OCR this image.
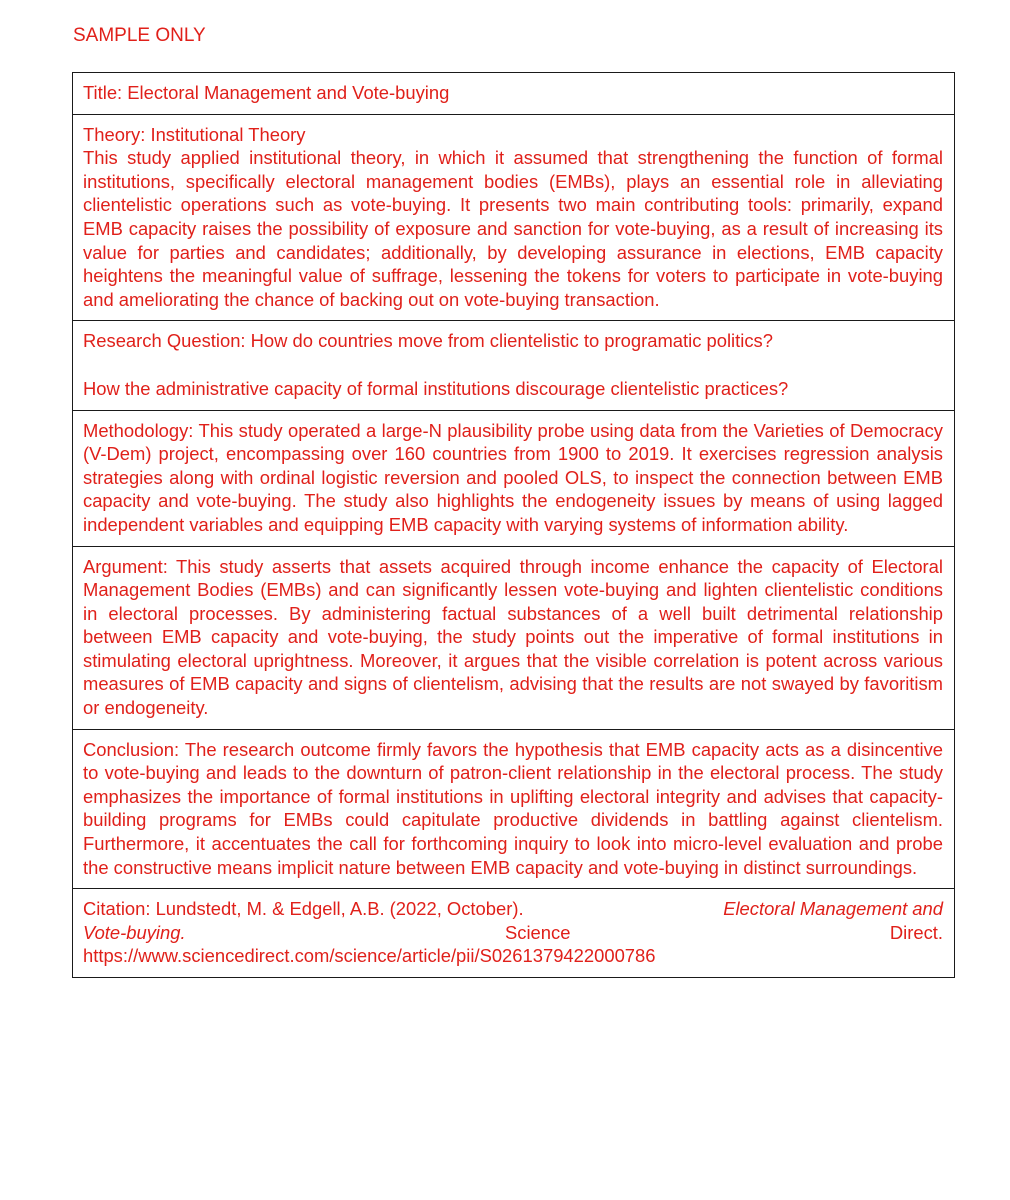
SAMPLE ONLY
Title: Electoral Management and Vote-buying
Theory: Institutional Theory
This study applied institutional theory, in which it assumed that strengthening the function of formal institutions, specifically electoral management bodies (EMBs), plays an essential role in alleviating clientelistic operations such as vote-buying. It presents two main contributing tools: primarily, expand EMB capacity raises the possibility of exposure and sanction for vote-buying, as a result of increasing its value for parties and candidates; additionally, by developing assurance in elections, EMB capacity heightens the meaningful value of suffrage, lessening the tokens for voters to participate in vote-buying and ameliorating the chance of backing out on vote-buying transaction.
Research Question: How do countries move from clientelistic to programatic politics?
How the administrative capacity of formal institutions discourage clientelistic practices?
Methodology: This study operated a large-N plausibility probe using data from the Varieties of Democracy (V-Dem) project, encompassing over 160 countries from 1900 to 2019. It exercises regression analysis strategies along with ordinal logistic reversion and pooled OLS, to inspect the connection between EMB capacity and vote-buying. The study also highlights the endogeneity issues by means of using lagged independent variables and equipping EMB capacity with varying systems of information ability.
Argument: This study asserts that assets acquired through income enhance the capacity of Electoral Management Bodies (EMBs) and can significantly lessen vote-buying and lighten clientelistic conditions in electoral processes. By administering factual substances of a well built detrimental relationship between EMB capacity and vote-buying, the study points out the imperative of formal institutions in stimulating electoral uprightness. Moreover, it argues that the visible correlation is potent across various measures of EMB capacity and signs of clientelism, advising that the results are not swayed by favoritism or endogeneity.
Conclusion: The research outcome firmly favors the hypothesis that EMB capacity acts as a disincentive to vote-buying and leads to the downturn of patron-client relationship in the electoral process. The study emphasizes the importance of formal institutions in uplifting electoral integrity and advises that capacity-building programs for EMBs could capitulate productive dividends in battling against clientelism. Furthermore, it accentuates the call for forthcoming inquiry to look into micro-level evaluation and probe the constructive means implicit nature between EMB capacity and vote-buying in distinct surroundings.
Citation: Lundstedt, M. & Edgell, A.B. (2022, October).	Electoral Management and
Vote-buying.	Science	Direct.
https://www.sciencedirect.com/science/article/pii/S0261379422000786
